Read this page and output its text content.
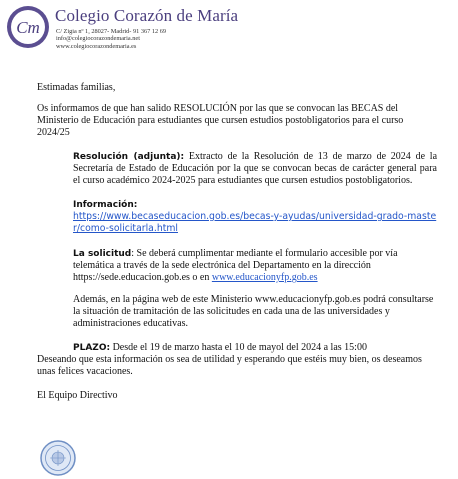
Cm
Colegio Corazón de María
C/ Zigia nº 1, 28027- Madrid- 91 367 12 69
info@colegiocorazondemaria.net
www.colegiocorazondemaria.es

Estimadas familias,

Os informamos de que han salido RESOLUCIÓN por las que se convocan las BECAS del Ministerio de Educación para estudiantes que cursen estudios postobligatorios para el curso 2024/25

Resolución (adjunta): Extracto de la Resolución de 13 de marzo de 2024 de la Secretaría de Estado de Educación por la que se convocan becas de carácter general para el curso académico 2024-2025 para estudiantes que cursen estudios postobligatorios.

Información:

https://www.becaseducacion.gob.es/becas-y-ayudas/universidad-grado-master/como-solicitarla.html

La solicitud: Se deberá cumplimentar mediante el formulario accesible por vía telemática a través de la sede electrónica del Departamento en la dirección https://sede.educacion.gob.es o en www.educacionyfp.gob.es

Además, en la página web de este Ministerio www.educacionyfp.gob.es podrá consultarse la situación de tramitación de las solicitudes en cada una de las universidades y administraciones educativas.

PLAZO: Desde el 19 de marzo hasta el 10 de mayol del 2024 a las 15:00

Deseando que esta información os sea de utilidad y esperando que estéis muy bien, os deseamos unas felices vacaciones.

El Equipo Directivo
